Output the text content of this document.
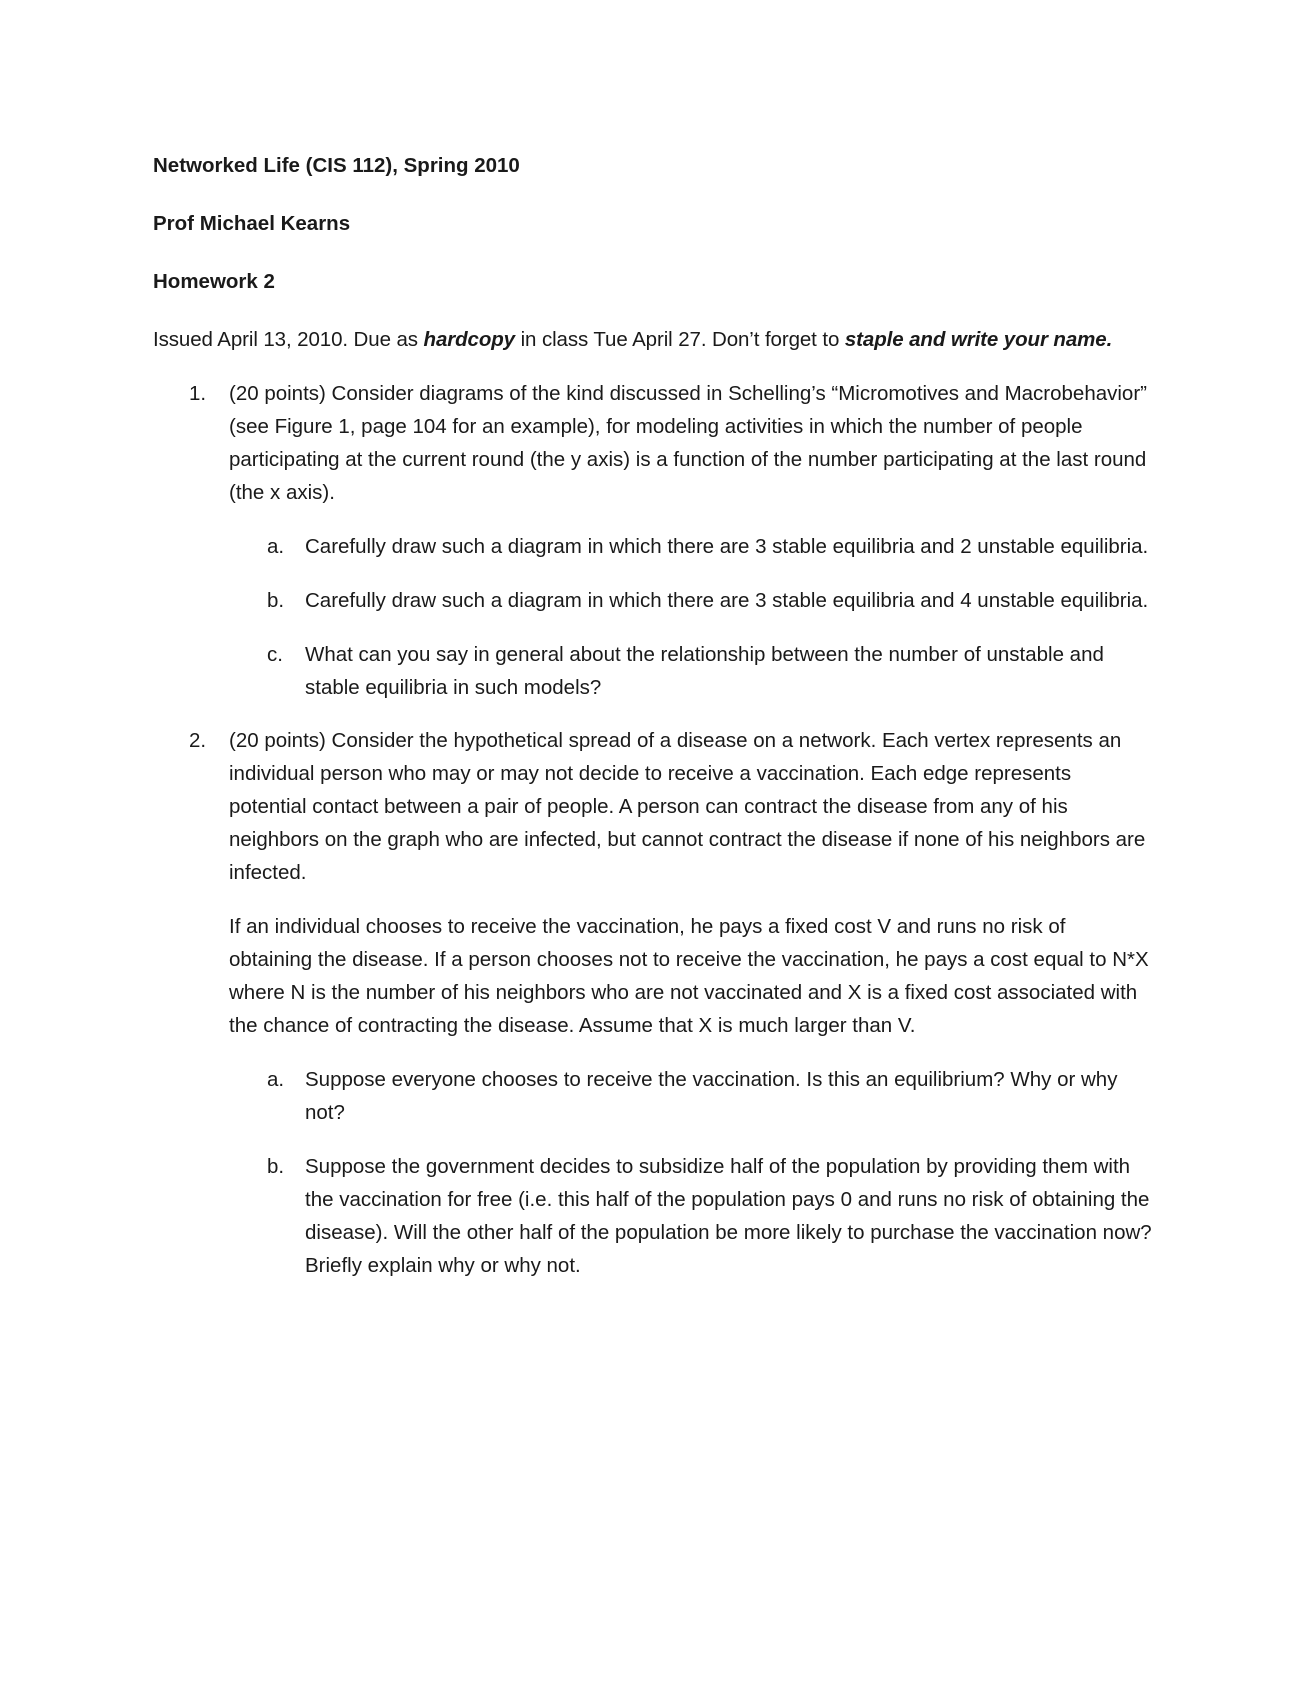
Networked Life (CIS 112), Spring 2010

Prof Michael Kearns

Homework 2

Issued April 13, 2010. Due as hardcopy in class Tue April 27. Don’t forget to staple and write your name.

1. (20 points) Consider diagrams of the kind discussed in Schelling’s “Micromotives and Macrobehavior” (see Figure 1, page 104 for an example), for modeling activities in which the number of people participating at the current round (the y axis) is a function of the number participating at the last round (the x axis).

a. Carefully draw such a diagram in which there are 3 stable equilibria and 2 unstable equilibria.

b. Carefully draw such a diagram in which there are 3 stable equilibria and 4 unstable equilibria.

c. What can you say in general about the relationship between the number of unstable and stable equilibria in such models?

2. (20 points) Consider the hypothetical spread of a disease on a network. Each vertex represents an individual person who may or may not decide to receive a vaccination. Each edge represents potential contact between a pair of people. A person can contract the disease from any of his neighbors on the graph who are infected, but cannot contract the disease if none of his neighbors are infected.

If an individual chooses to receive the vaccination, he pays a fixed cost V and runs no risk of obtaining the disease. If a person chooses not to receive the vaccination, he pays a cost equal to N*X where N is the number of his neighbors who are not vaccinated and X is a fixed cost associated with the chance of contracting the disease. Assume that X is much larger than V.

a. Suppose everyone chooses to receive the vaccination. Is this an equilibrium? Why or why not?

b. Suppose the government decides to subsidize half of the population by providing them with the vaccination for free (i.e. this half of the population pays 0 and runs no risk of obtaining the disease). Will the other half of the population be more likely to purchase the vaccination now? Briefly explain why or why not.
